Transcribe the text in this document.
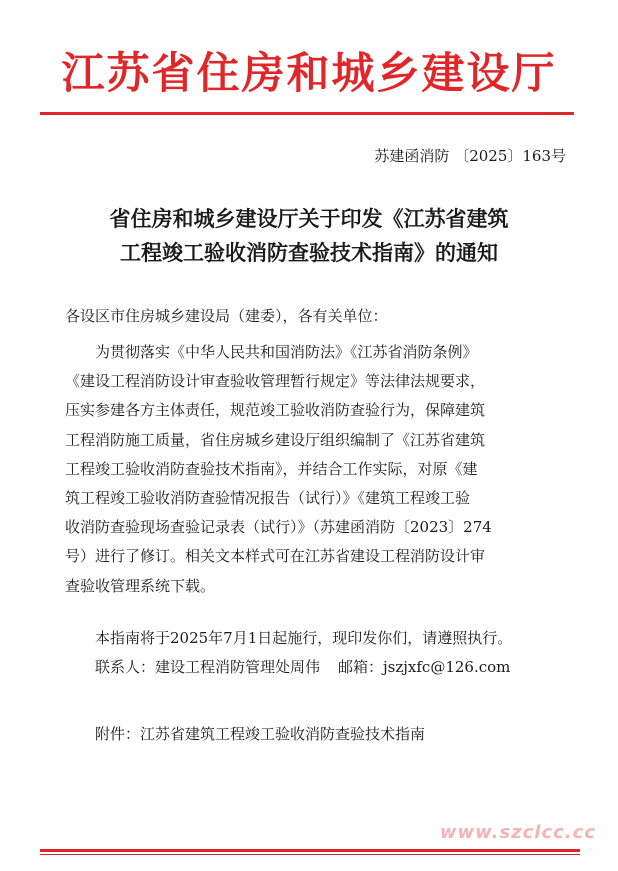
江苏省住房和城乡建设厅
苏建函消防 〔2025〕163号
省住房和城乡建设厅关于印发《江苏省建筑
工程竣工验收消防查验技术指南》的通知
各设区市住房城乡建设局（建委），各有关单位：
为贯彻落实《中华人民共和国消防法》《江苏省消防条例》
《建设工程消防设计审查验收管理暂行规定》等法律法规要求，
压实参建各方主体责任，规范竣工验收消防查验行为，保障建筑
工程消防施工质量，省住房城乡建设厅组织编制了《江苏省建筑
工程竣工验收消防查验技术指南》，并结合工作实际，对原《建
筑工程竣工验收消防查验情况报告（试行）》《建筑工程竣工验
收消防查验现场查验记录表（试行）》（苏建函消防〔2023〕274
号）进行了修订。相关文本样式可在江苏省建设工程消防设计审
查验收管理系统下载。
本指南将于2025年7月1日起施行，现印发你们，请遵照执行。
联系人：建设工程消防管理处周伟 邮箱：jszjxfc@126.com
附件：江苏省建筑工程竣工验收消防查验技术指南
www.szclcc.cc
